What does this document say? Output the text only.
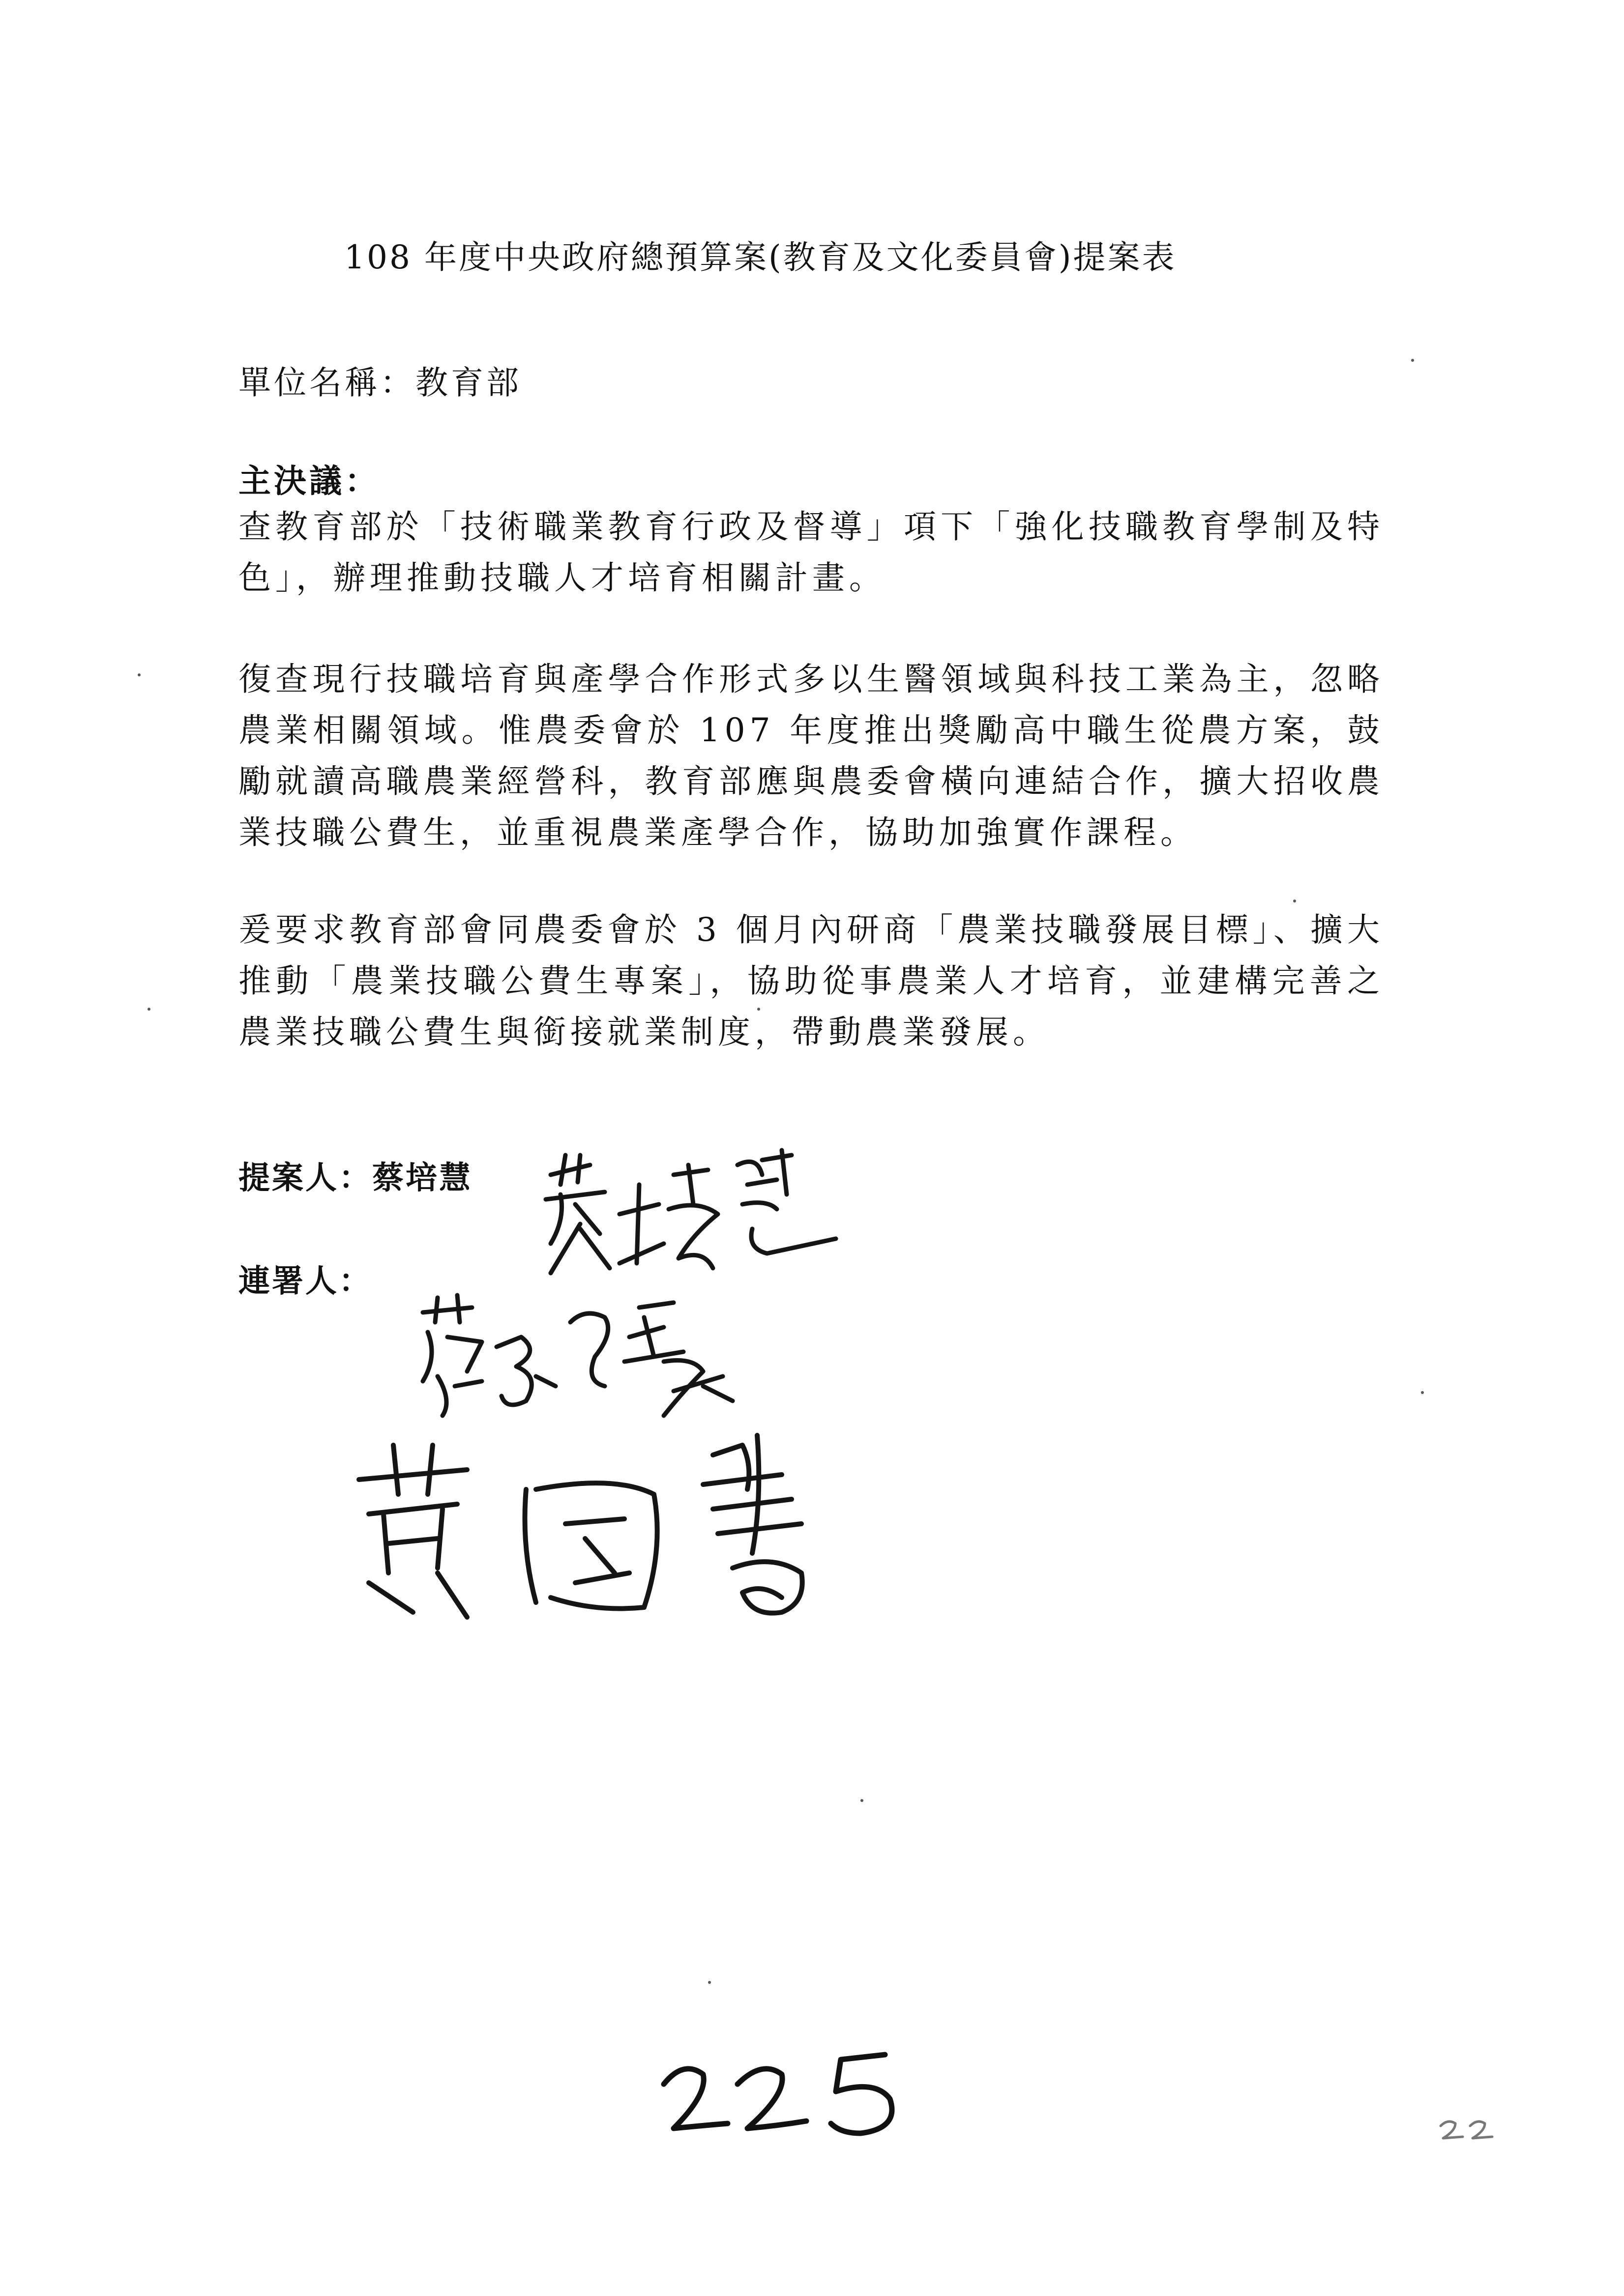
108 年度中央政府總預算案(教育及文化委員會)提案表
單位名稱：教育部
主決議：

查教育部於「技術職業教育行政及督導」項下「強化技職教育學制及特色」，辦理推動技職人才培育相關計畫。

復查現行技職培育與產學合作形式多以生醫領域與科技工業為主，忽略農業相關領域。惟農委會於 107 年度推出獎勵高中職生從農方案，鼓勵就讀高職農業經營科，教育部應與農委會橫向連結合作，擴大招收農業技職公費生，並重視農業產學合作，協助加強實作課程。

爰要求教育部會同農委會於 3 個月內研商「農業技職發展目標」、擴大推動「農業技職公費生專案」，協助從事農業人才培育，並建構完善之農業技職公費生與銜接就業制度，帶動農業發展。

提案人：蔡培慧
連署人：
